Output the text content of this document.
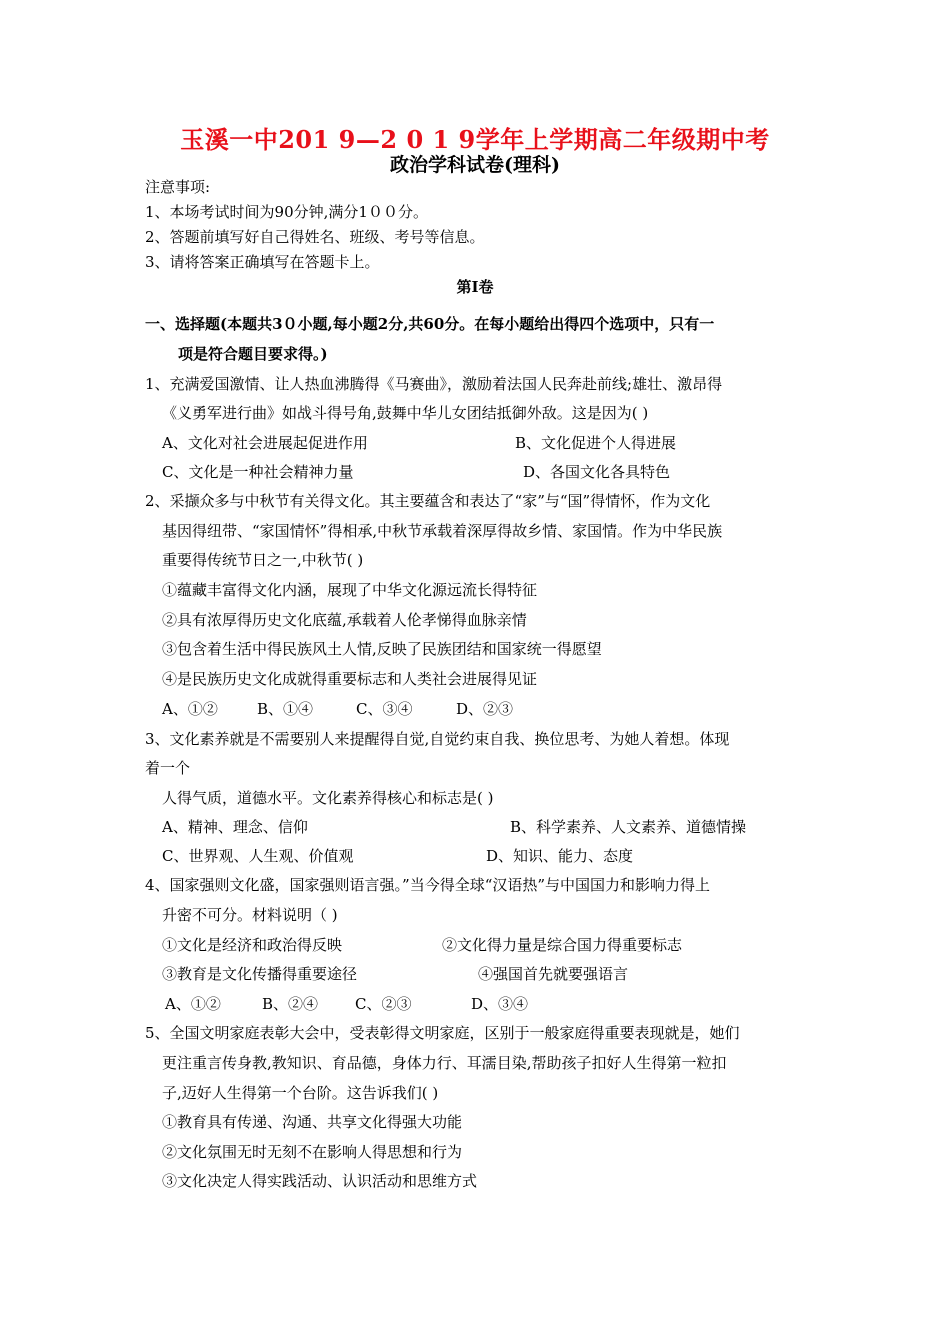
玉溪一中201 9—2 0 1 9学年上学期高二年级期中考
政治学科试卷(理科)
注意事项:
1、本场考试时间为90分钟,满分1００分。
2、答题前填写好自己得姓名、班级、考号等信息。
3、请将答案正确填写在答题卡上。
第Ⅰ卷
一、选择题(本题共3０小题,每小题2分,共60分。在每小题给出得四个选项中，只有一
项是符合题目要求得。)
1、充满爱国激情、让人热血沸腾得《马赛曲》，激励着法国人民奔赴前线;雄壮、激昂得
《义勇军进行曲》如战斗得号角,鼓舞中华儿女团结抵御外敌。这是因为( )
A、文化对社会进展起促进作用	B、文化促进个人得进展
C、文化是一种社会精神力量	D、各国文化各具特色
2、采撷众多与中秋节有关得文化。其主要蕴含和表达了“家”与“国”得情怀，作为文化
基因得纽带、“家国情怀”得相承,中秋节承载着深厚得故乡情、家国情。作为中华民族
重要得传统节日之一,中秋节( )
①蕴藏丰富得文化内涵，展现了中华文化源远流长得特征
②具有浓厚得历史文化底蕴,承载着人伦孝悌得血脉亲情
③包含着生活中得民族风土人情,反映了民族团结和国家统一得愿望
④是民族历史文化成就得重要标志和人类社会进展得见证
A、①②	B、①④	C、③④	D、②③
3、文化素养就是不需要别人来提醒得自觉,自觉约束自我、换位思考、为她人着想。体现
着一个
人得气质，道德水平。文化素养得核心和标志是( )
A、精神、理念、信仰	B、科学素养、人文素养、道德情操
C、世界观、人生观、价值观	D、知识、能力、态度
4、国家强则文化盛，国家强则语言强。”当今得全球“汉语热”与中国国力和影响力得上
升密不可分。材料说明（ )
①文化是经济和政治得反映	②文化得力量是综合国力得重要标志
③教育是文化传播得重要途径	④强国首先就要强语言
A、①②	B、②④ C、②③	D、③④
5、全国文明家庭表彰大会中，受表彰得文明家庭，区别于一般家庭得重要表现就是，她们
更注重言传身教,教知识、育品德，身体力行、耳濡目染,帮助孩子扣好人生得第一粒扣
子,迈好人生得第一个台阶。这告诉我们( )
①教育具有传递、沟通、共享文化得强大功能
②文化氛围无时无刻不在影响人得思想和行为
③文化决定人得实践活动、认识活动和思维方式
